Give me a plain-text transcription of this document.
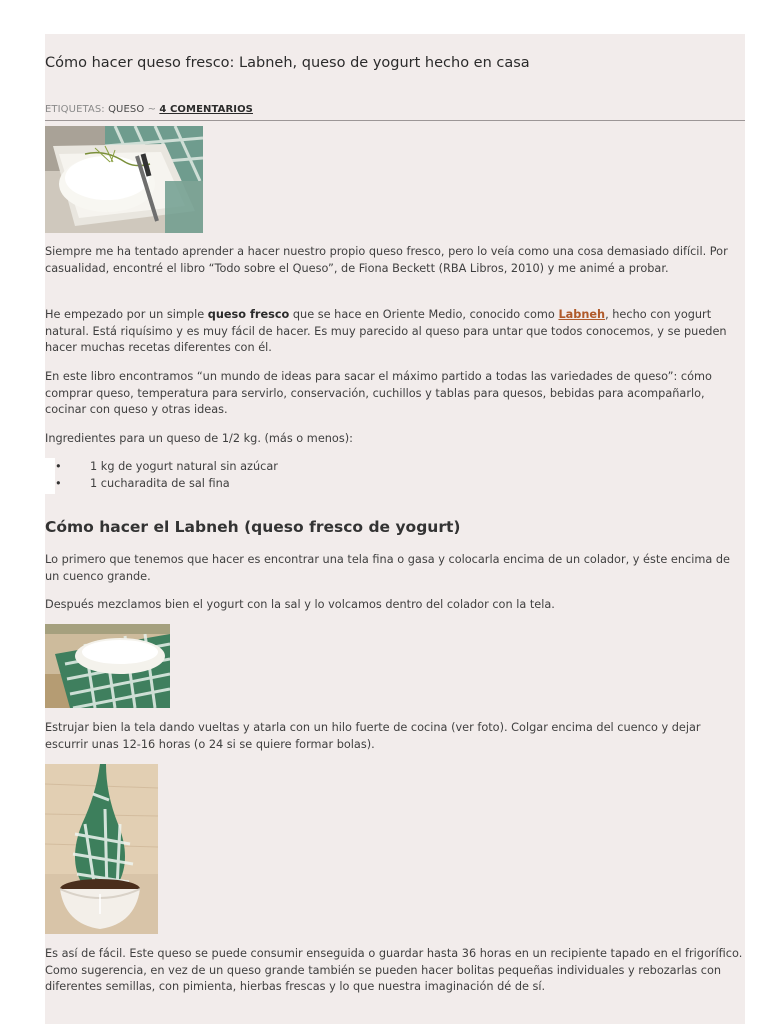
Cómo hacer queso fresco: Labneh, queso de yogurt hecho en casa
ETIQUETAS: QUESO ~ 4 COMENTARIOS

Siempre me ha tentado aprender a hacer nuestro propio queso fresco, pero lo veía como una cosa demasiado difícil. Por casualidad, encontré el libro “Todo sobre el Queso”, de Fiona Beckett (RBA Libros, 2010) y me animé a probar.

He empezado por un simple queso fresco que se hace en Oriente Medio, conocido como Labneh, hecho con yogurt natural. Está riquísimo y es muy fácil de hacer. Es muy parecido al queso para untar que todos conocemos, y se pueden hacer muchas recetas diferentes con él.

En este libro encontramos “un mundo de ideas para sacar el máximo partido a todas las variedades de queso”: cómo comprar queso, temperatura para servirlo, conservación, cuchillos y tablas para quesos, bebidas para acompañarlo, cocinar con queso y otras ideas.

Ingredientes para un queso de 1/2 kg. (más o menos):

• 1 kg de yogurt natural sin azúcar
• 1 cucharadita de sal fina
Cómo hacer el Labneh (queso fresco de yogurt)

Lo primero que tenemos que hacer es encontrar una tela fina o gasa y colocarla encima de un colador, y éste encima de un cuenco grande.

Después mezclamos bien el yogurt con la sal y lo volcamos dentro del colador con la tela.

Estrujar bien la tela dando vueltas y atarla con un hilo fuerte de cocina (ver foto). Colgar encima del cuenco y dejar escurrir unas 12-16 horas (o 24 si se quiere formar bolas).

Es así de fácil. Este queso se puede consumir enseguida o guardar hasta 36 horas en un recipiente tapado en el frigorífico. Como sugerencia, en vez de un queso grande también se pueden hacer bolitas pequeñas individuales y rebozarlas con diferentes semillas, con pimienta, hierbas frescas y lo que nuestra imaginación dé de sí.
